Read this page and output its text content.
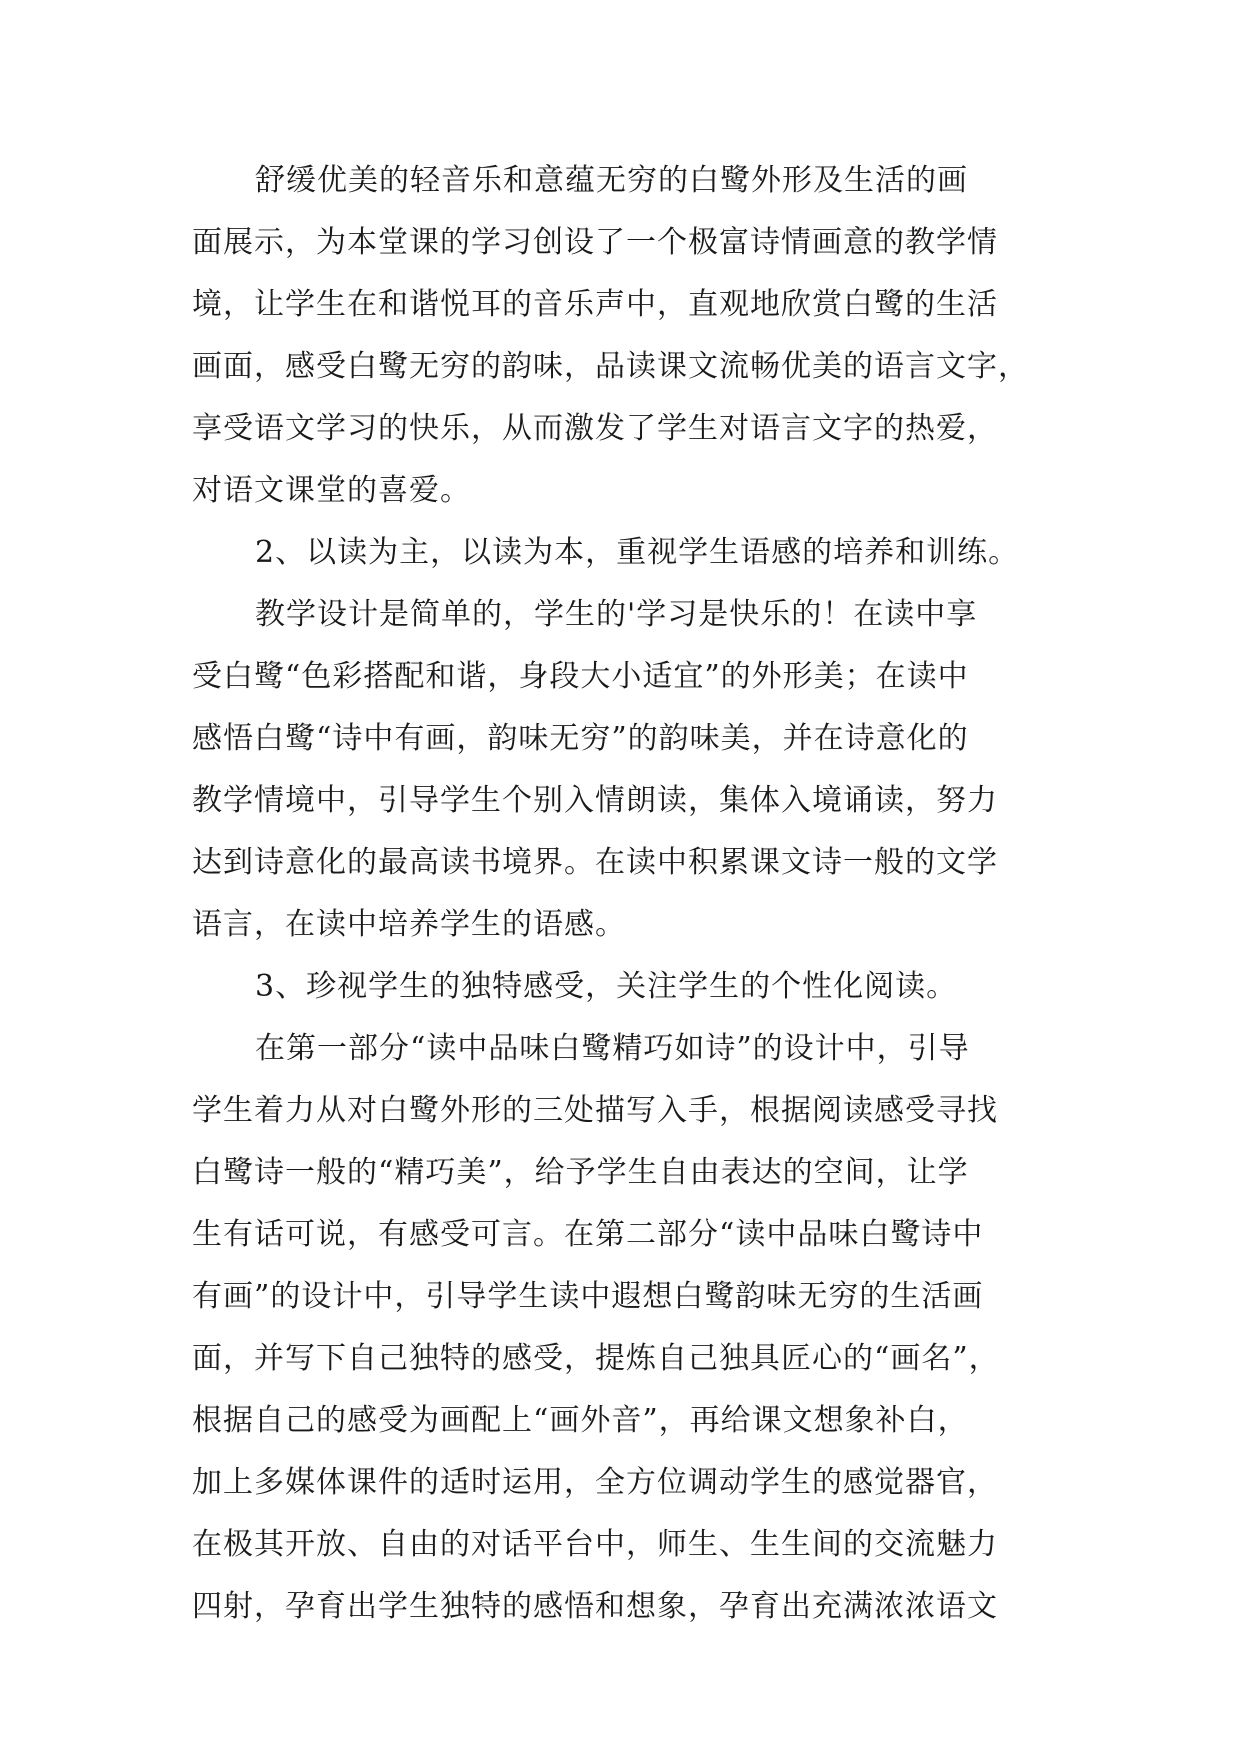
舒缓优美的轻音乐和意蕴无穷的白鹭外形及生活的画
面展示，为本堂课的学习创设了一个极富诗情画意的教学情
境，让学生在和谐悦耳的音乐声中，直观地欣赏白鹭的生活
画面，感受白鹭无穷的韵味，品读课文流畅优美的语言文字，
享受语文学习的快乐，从而激发了学生对语言文字的热爱，
对语文课堂的喜爱。
2、以读为主，以读为本，重视学生语感的培养和训练。
教学设计是简单的，学生的'学习是快乐的！在读中享
受白鹭“色彩搭配和谐，身段大小适宜”的外形美；在读中
感悟白鹭“诗中有画，韵味无穷”的韵味美，并在诗意化的
教学情境中，引导学生个别入情朗读，集体入境诵读，努力
达到诗意化的最高读书境界。在读中积累课文诗一般的文学
语言，在读中培养学生的语感。
3、珍视学生的独特感受，关注学生的个性化阅读。
在第一部分“读中品味白鹭精巧如诗”的设计中，引导
学生着力从对白鹭外形的三处描写入手，根据阅读感受寻找
白鹭诗一般的“精巧美”，给予学生自由表达的空间，让学
生有话可说，有感受可言。在第二部分“读中品味白鹭诗中
有画”的设计中，引导学生读中遐想白鹭韵味无穷的生活画
面，并写下自己独特的感受，提炼自己独具匠心的“画名”，
根据自己的感受为画配上“画外音”，再给课文想象补白，
加上多媒体课件的适时运用，全方位调动学生的感觉器官，
在极其开放、自由的对话平台中，师生、生生间的交流魅力
四射，孕育出学生独特的感悟和想象，孕育出充满浓浓语文
